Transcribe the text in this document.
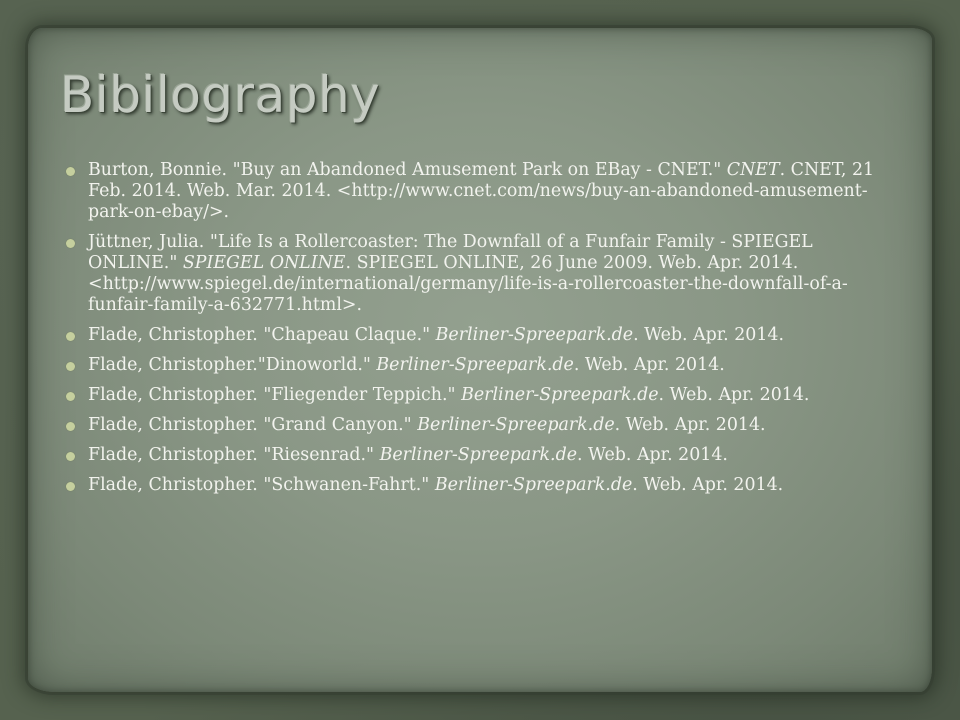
Bibilography
Burton, Bonnie. "Buy an Abandoned Amusement Park on EBay - CNET." CNET. CNET, 21 Feb. 2014. Web. Mar. 2014. <http://www.cnet.com/news/buy-an-abandoned-amusement-park-on-ebay/>.
Jüttner, Julia. "Life Is a Rollercoaster: The Downfall of a Funfair Family - SPIEGEL ONLINE." SPIEGEL ONLINE. SPIEGEL ONLINE, 26 June 2009. Web. Apr. 2014. <http://www.spiegel.de/international/germany/life-is-a-rollercoaster-the-downfall-of-a-funfair-family-a-632771.html>.
Flade, Christopher. "Chapeau Claque." Berliner-Spreepark.de. Web. Apr. 2014.
Flade, Christopher."Dinoworld." Berliner-Spreepark.de. Web. Apr. 2014.
Flade, Christopher. "Fliegender Teppich." Berliner-Spreepark.de. Web. Apr. 2014.
Flade, Christopher. "Grand Canyon." Berliner-Spreepark.de. Web. Apr. 2014.
Flade, Christopher. "Riesenrad." Berliner-Spreepark.de. Web. Apr. 2014.
Flade, Christopher. "Schwanen-Fahrt." Berliner-Spreepark.de. Web. Apr. 2014.
